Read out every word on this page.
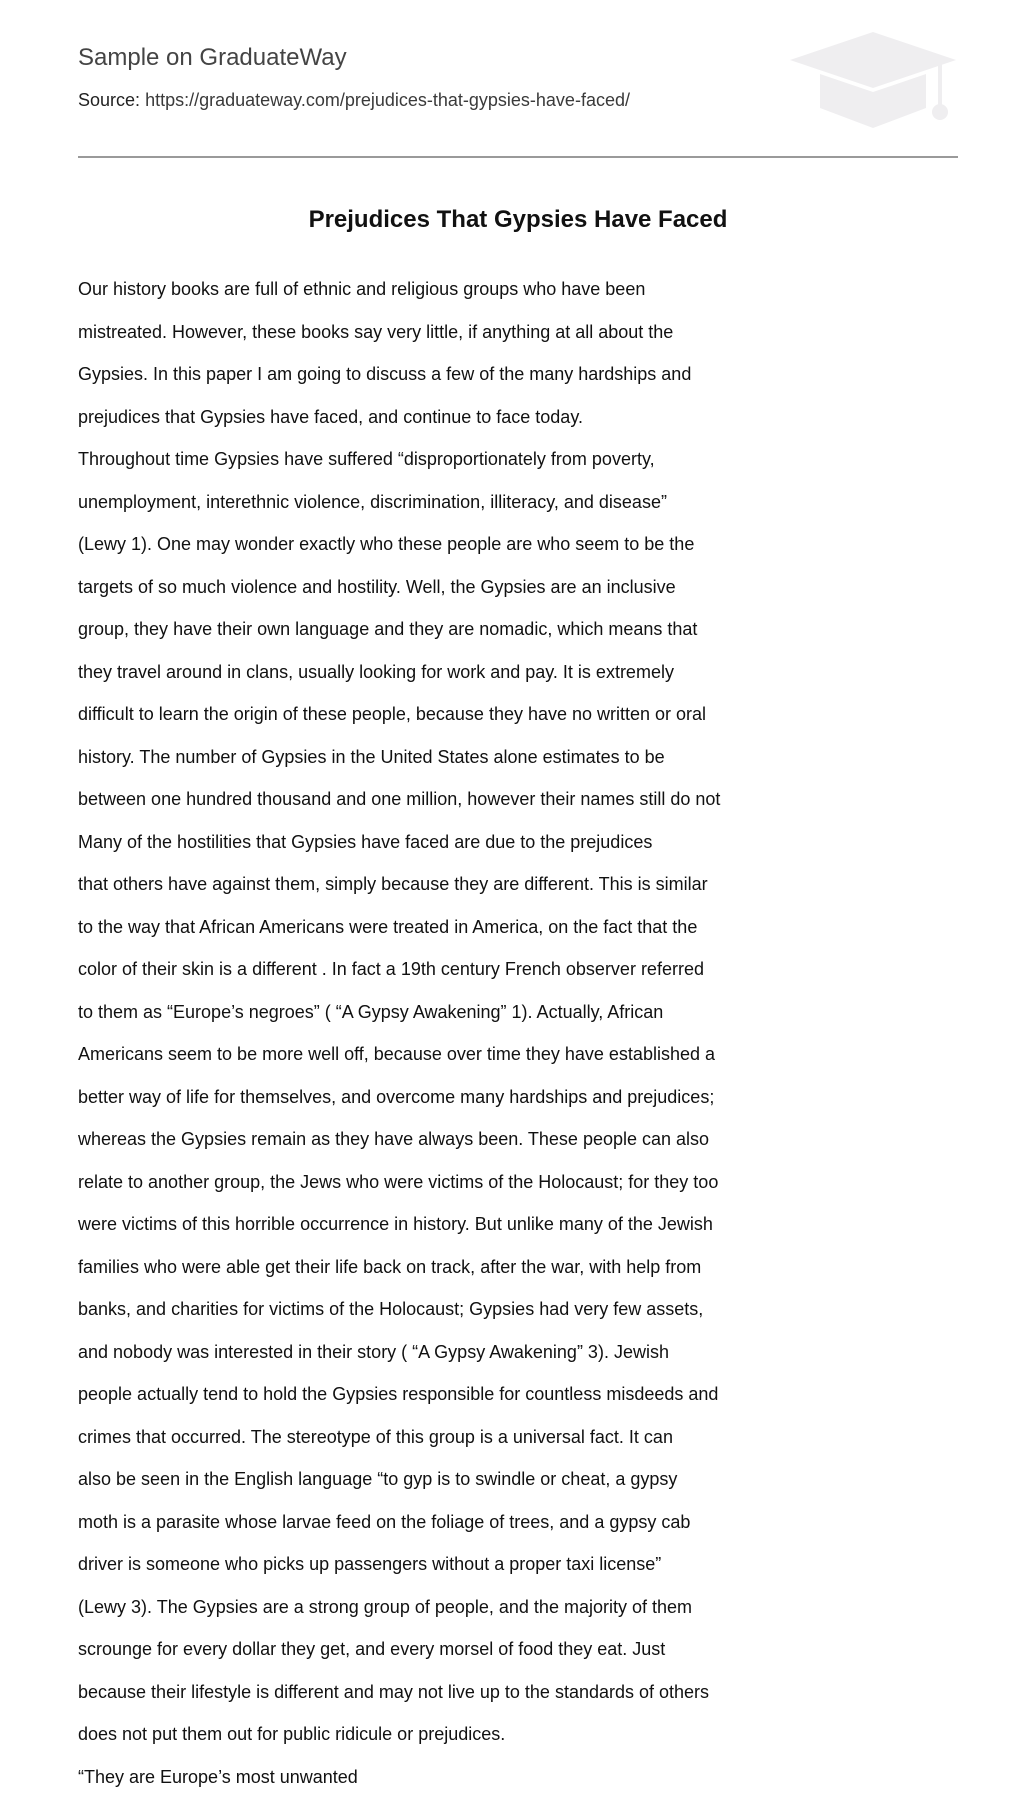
Sample on GraduateWay
Source: https://graduateway.com/prejudices-that-gypsies-have-faced/
Prejudices That Gypsies Have Faced
Our history books are full of ethnic and religious groups who have been
mistreated. However, these books say very little, if anything at all about the
Gypsies. In this paper I am going to discuss a few of the many hardships and
prejudices that Gypsies have faced, and continue to face today.
Throughout time Gypsies have suffered “disproportionately from poverty,
unemployment, interethnic violence, discrimination, illiteracy, and disease”
(Lewy 1). One may wonder exactly who these people are who seem to be the
targets of so much violence and hostility. Well, the Gypsies are an inclusive
group, they have their own language and they are nomadic, which means that
they travel around in clans, usually looking for work and pay. It is extremely
difficult to learn the origin of these people, because they have no written or oral
history. The number of Gypsies in the United States alone estimates to be
between one hundred thousand and one million, however their names still do not
Many of the hostilities that Gypsies have faced are due to the prejudices
that others have against them, simply because they are different. This is similar
to the way that African Americans were treated in America, on the fact that the
color of their skin is a different . In fact a 19th century French observer referred
to them as “Europe’s negroes” ( “A Gypsy Awakening” 1). Actually, African
Americans seem to be more well off, because over time they have established a
better way of life for themselves, and overcome many hardships and prejudices;
whereas the Gypsies remain as they have always been. These people can also
relate to another group, the Jews who were victims of the Holocaust; for they too
were victims of this horrible occurrence in history. But unlike many of the Jewish
families who were able get their life back on track, after the war, with help from
banks, and charities for victims of the Holocaust; Gypsies had very few assets,
and nobody was interested in their story ( “A Gypsy Awakening” 3). Jewish
people actually tend to hold the Gypsies responsible for countless misdeeds and
crimes that occurred. The stereotype of this group is a universal fact. It can
also be seen in the English language “to gyp is to swindle or cheat, a gypsy
moth is a parasite whose larvae feed on the foliage of trees, and a gypsy cab
driver is someone who picks up passengers without a proper taxi license”
(Lewy 3). The Gypsies are a strong group of people, and the majority of them
scrounge for every dollar they get, and every morsel of food they eat. Just
because their lifestyle is different and may not live up to the standards of others
does not put them out for public ridicule or prejudices.
“They are Europe’s most unwanted
